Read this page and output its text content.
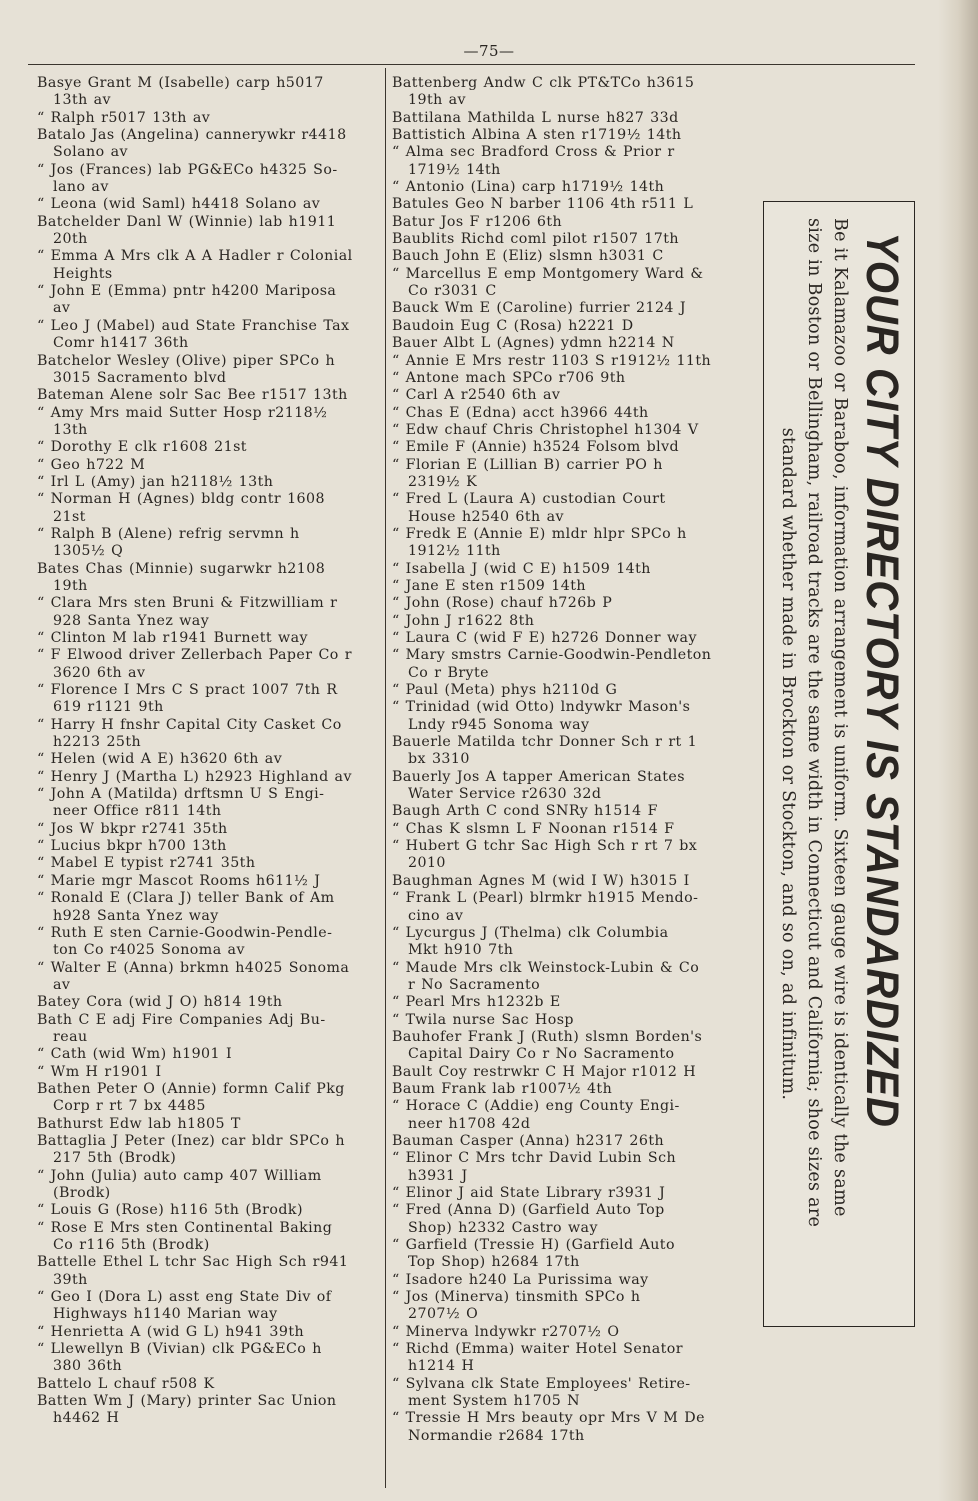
—75—
Basye Grant M (Isabelle) carp h5017
13th av
“ Ralph r5017 13th av
Batalo Jas (Angelina) cannerywkr r4418
Solano av
“ Jos (Frances) lab PG&ECo h4325 So-
lano av
“ Leona (wid Saml) h4418 Solano av
Batchelder Danl W (Winnie) lab h1911
20th
“ Emma A Mrs clk A A Hadler r Colonial
Heights
“ John E (Emma) pntr h4200 Mariposa
av
“ Leo J (Mabel) aud State Franchise Tax
Comr h1417 36th
Batchelor Wesley (Olive) piper SPCo h
3015 Sacramento blvd
Bateman Alene solr Sac Bee r1517 13th
“ Amy Mrs maid Sutter Hosp r2118½
13th
“ Dorothy E clk r1608 21st
“ Geo h722 M
“ Irl L (Amy) jan h2118½ 13th
“ Norman H (Agnes) bldg contr 1608
21st
“ Ralph B (Alene) refrig servmn h
1305½ Q
Bates Chas (Minnie) sugarwkr h2108
19th
“ Clara Mrs sten Bruni & Fitzwilliam r
928 Santa Ynez way
“ Clinton M lab r1941 Burnett way
“ F Elwood driver Zellerbach Paper Co r
3620 6th av
“ Florence I Mrs C S pract 1007 7th R
619 r1121 9th
“ Harry H fnshr Capital City Casket Co
h2213 25th
“ Helen (wid A E) h3620 6th av
“ Henry J (Martha L) h2923 Highland av
“ John A (Matilda) drftsmn U S Engi-
neer Office r811 14th
“ Jos W bkpr r2741 35th
“ Lucius bkpr h700 13th
“ Mabel E typist r2741 35th
“ Marie mgr Mascot Rooms h611½ J
“ Ronald E (Clara J) teller Bank of Am
h928 Santa Ynez way
“ Ruth E sten Carnie-Goodwin-Pendle-
ton Co r4025 Sonoma av
“ Walter E (Anna) brkmn h4025 Sonoma
av
Batey Cora (wid J O) h814 19th
Bath C E adj Fire Companies Adj Bu-
reau
“ Cath (wid Wm) h1901 I
“ Wm H r1901 I
Bathen Peter O (Annie) formn Calif Pkg
Corp r rt 7 bx 4485
Bathurst Edw lab h1805 T
Battaglia J Peter (Inez) car bldr SPCo h
217 5th (Brodk)
“ John (Julia) auto camp 407 William
(Brodk)
“ Louis G (Rose) h116 5th (Brodk)
“ Rose E Mrs sten Continental Baking
Co r116 5th (Brodk)
Battelle Ethel L tchr Sac High Sch r941
39th
“ Geo I (Dora L) asst eng State Div of
Highways h1140 Marian way
“ Henrietta A (wid G L) h941 39th
“ Llewellyn B (Vivian) clk PG&ECo h
380 36th
Battelo L chauf r508 K
Batten Wm J (Mary) printer Sac Union
h4462 H
Battenberg Andw C clk PT&TCo h3615
19th av
Battilana Mathilda L nurse h827 33d
Battistich Albina A sten r1719½ 14th
“ Alma sec Bradford Cross & Prior r
1719½ 14th
“ Antonio (Lina) carp h1719½ 14th
Batules Geo N barber 1106 4th r511 L
Batur Jos F r1206 6th
Baublits Richd coml pilot r1507 17th
Bauch John E (Eliz) slsmn h3031 C
“ Marcellus E emp Montgomery Ward &
Co r3031 C
Bauck Wm E (Caroline) furrier 2124 J
Baudoin Eug C (Rosa) h2221 D
Bauer Albt L (Agnes) ydmn h2214 N
“ Annie E Mrs restr 1103 S r1912½ 11th
“ Antone mach SPCo r706 9th
“ Carl A r2540 6th av
“ Chas E (Edna) acct h3966 44th
“ Edw chauf Chris Christophel h1304 V
“ Emile F (Annie) h3524 Folsom blvd
“ Florian E (Lillian B) carrier PO h
2319½ K
“ Fred L (Laura A) custodian Court
House h2540 6th av
“ Fredk E (Annie E) mldr hlpr SPCo h
1912½ 11th
“ Isabella J (wid C E) h1509 14th
“ Jane E sten r1509 14th
“ John (Rose) chauf h726b P
“ John J r1622 8th
“ Laura C (wid F E) h2726 Donner way
“ Mary smstrs Carnie-Goodwin-Pendleton
Co r Bryte
“ Paul (Meta) phys h2110d G
“ Trinidad (wid Otto) lndywkr Mason's
Lndy r945 Sonoma way
Bauerle Matilda tchr Donner Sch r rt 1
bx 3310
Bauerly Jos A tapper American States
Water Service r2630 32d
Baugh Arth C cond SNRy h1514 F
“ Chas K slsmn L F Noonan r1514 F
“ Hubert G tchr Sac High Sch r rt 7 bx
2010
Baughman Agnes M (wid I W) h3015 I
“ Frank L (Pearl) blrmkr h1915 Mendo-
cino av
“ Lycurgus J (Thelma) clk Columbia
Mkt h910 7th
“ Maude Mrs clk Weinstock-Lubin & Co
r No Sacramento
“ Pearl Mrs h1232b E
“ Twila nurse Sac Hosp
Bauhofer Frank J (Ruth) slsmn Borden's
Capital Dairy Co r No Sacramento
Bault Coy restrwkr C H Major r1012 H
Baum Frank lab r1007½ 4th
“ Horace C (Addie) eng County Engi-
neer h1708 42d
Bauman Casper (Anna) h2317 26th
“ Elinor C Mrs tchr David Lubin Sch
h3931 J
“ Elinor J aid State Library r3931 J
“ Fred (Anna D) (Garfield Auto Top
Shop) h2332 Castro way
“ Garfield (Tressie H) (Garfield Auto
Top Shop) h2684 17th
“ Isadore h240 La Purissima way
“ Jos (Minerva) tinsmith SPCo h
2707½ O
“ Minerva lndywkr r2707½ O
“ Richd (Emma) waiter Hotel Senator
h1214 H
“ Sylvana clk State Employees' Retire-
ment System h1705 N
“ Tressie H Mrs beauty opr Mrs V M De
Normandie r2684 17th
YOUR CITY DIRECTORY IS STANDARDIZED
Be it Kalamazoo or Baraboo, information arrangement is uniform. Sixteen gauge wire is identically the same
size in Boston or Bellingham, railroad tracks are the same width in Connecticut and California; shoe sizes are
standard whether made in Brockton or Stockton, and so on, ad infinitum.
